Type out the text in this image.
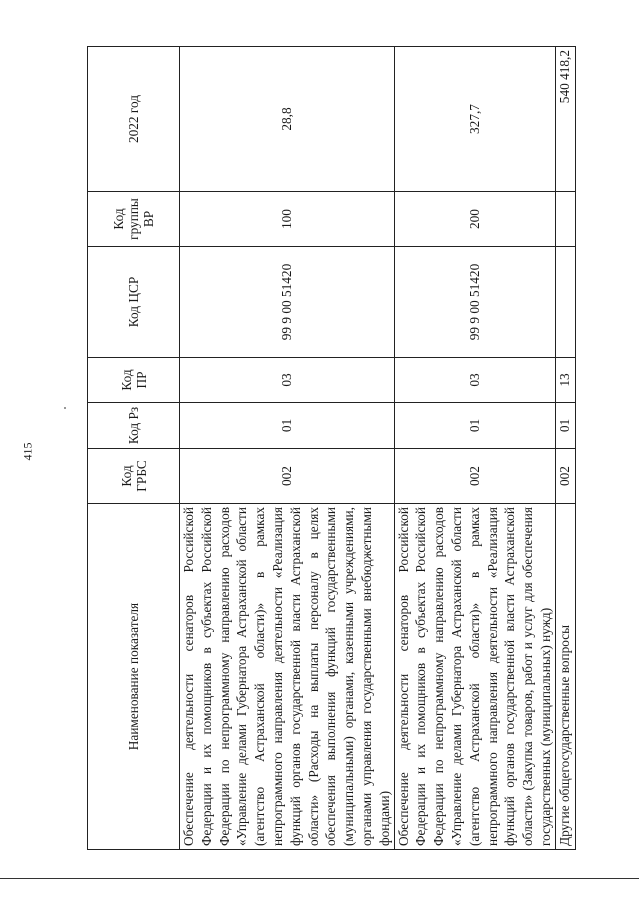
415
Наименование показателя	Код ГРБС	Код Рз	Код ПР	Код ЦСР	Код группы ВР	2022 год
Обеспечение деятельности сенаторов Российской Федерации и их помощников в субъектах Российской Федерации по непрограммному направлению расходов «Управление делами Губернатора Астраханской области (агентство Астраханской области)» в рамках непрограммного направления деятельности «Реализация функций органов государственной власти Астраханской области» (Расходы на выплаты персоналу в целях обеспечения выполнения функций государственными (муниципальными) органами, казенными учреждениями, органами управления государственными внебюджетными фондами)	002	01	03	99 9 00 51420	100	28,8
Обеспечение деятельности сенаторов Российской Федерации и их помощников в субъектах Российской Федерации по непрограммному направлению расходов «Управление делами Губернатора Астраханской области (агентство Астраханской области)» в рамках непрограммного направления деятельности «Реализация функций органов государственной власти Астраханской области» (Закупка товаров, работ и услуг для обеспечения государственных (муниципальных) нужд)	002	01	03	99 9 00 51420	200	327,7
Другие общегосударственные вопросы	002	01	13			540 418,2
